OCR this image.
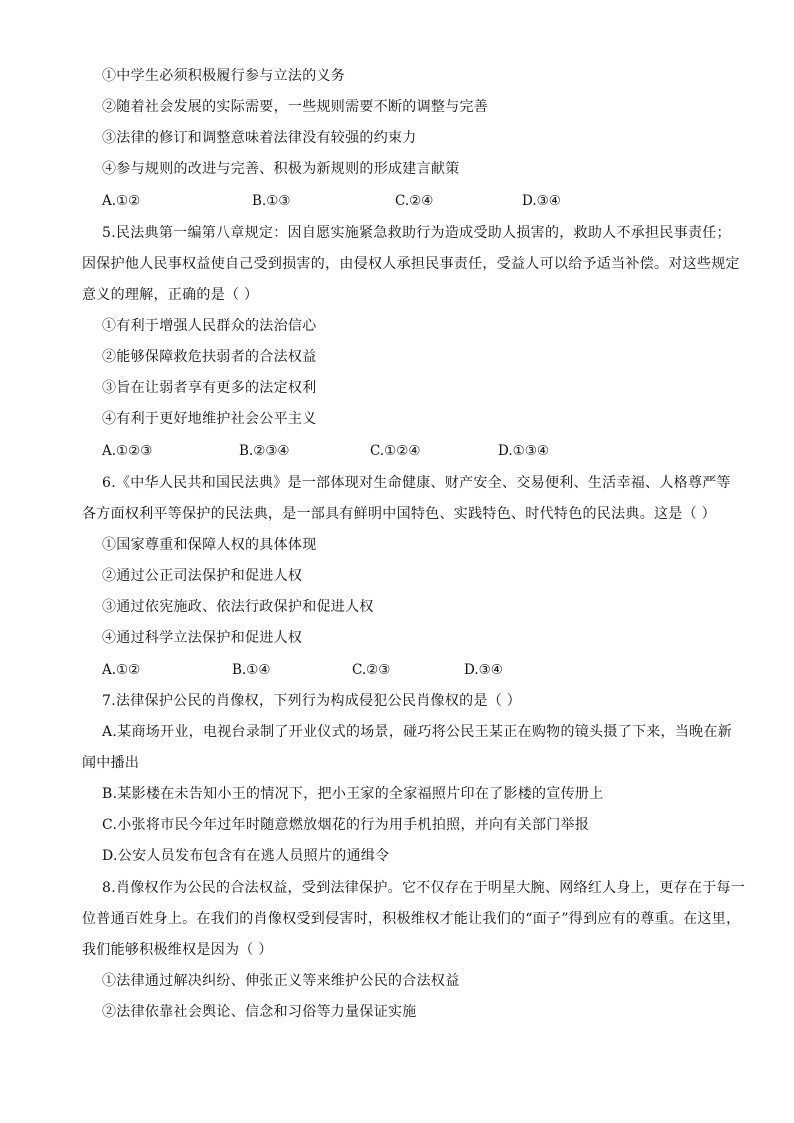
①中学生必须积极履行参与立法的义务
②随着社会发展的实际需要，一些规则需要不断的调整与完善
③法律的修订和调整意味着法律没有较强的约束力
④参与规则的改进与完善、积极为新规则的形成建言献策
A.①②	B.①③	C.②④	D.③④
5.民法典第一编第八章规定：因自愿实施紧急救助行为造成受助人损害的，救助人不承担民事责任；
因保护他人民事权益使自己受到损害的，由侵权人承担民事责任，受益人可以给予适当补偿。对这些规定
意义的理解，正确的是（ ）
①有利于增强人民群众的法治信心
②能够保障救危扶弱者的合法权益
③旨在让弱者享有更多的法定权利
④有利于更好地维护社会公平主义
A.①②③	B.②③④	C.①②④	D.①③④
6.《中华人民共和国民法典》是一部体现对生命健康、财产安全、交易便利、生活幸福、人格尊严等
各方面权利平等保护的民法典，是一部具有鲜明中国特色、实践特色、时代特色的民法典。这是（ ）
①国家尊重和保障人权的具体体现
②通过公正司法保护和促进人权
③通过依宪施政、依法行政保护和促进人权
④通过科学立法保护和促进人权
A.①②	B.①④	C.②③	D.③④
7.法律保护公民的肖像权，下列行为构成侵犯公民肖像权的是（ ）
A.某商场开业，电视台录制了开业仪式的场景，碰巧将公民王某正在购物的镜头摄了下来，当晚在新
闻中播出
B.某影楼在未告知小王的情况下，把小王家的全家福照片印在了影楼的宣传册上
C.小张将市民今年过年时随意燃放烟花的行为用手机拍照，并向有关部门举报
D.公安人员发布包含有在逃人员照片的通缉令
8.肖像权作为公民的合法权益，受到法律保护。它不仅存在于明星大腕、网络红人身上，更存在于每一
位普通百姓身上。在我们的肖像权受到侵害时，积极维权才能让我们的“面子”得到应有的尊重。在这里，
我们能够积极维权是因为（ ）
①法律通过解决纠纷、伸张正义等来维护公民的合法权益
②法律依靠社会舆论、信念和习俗等力量保证实施
